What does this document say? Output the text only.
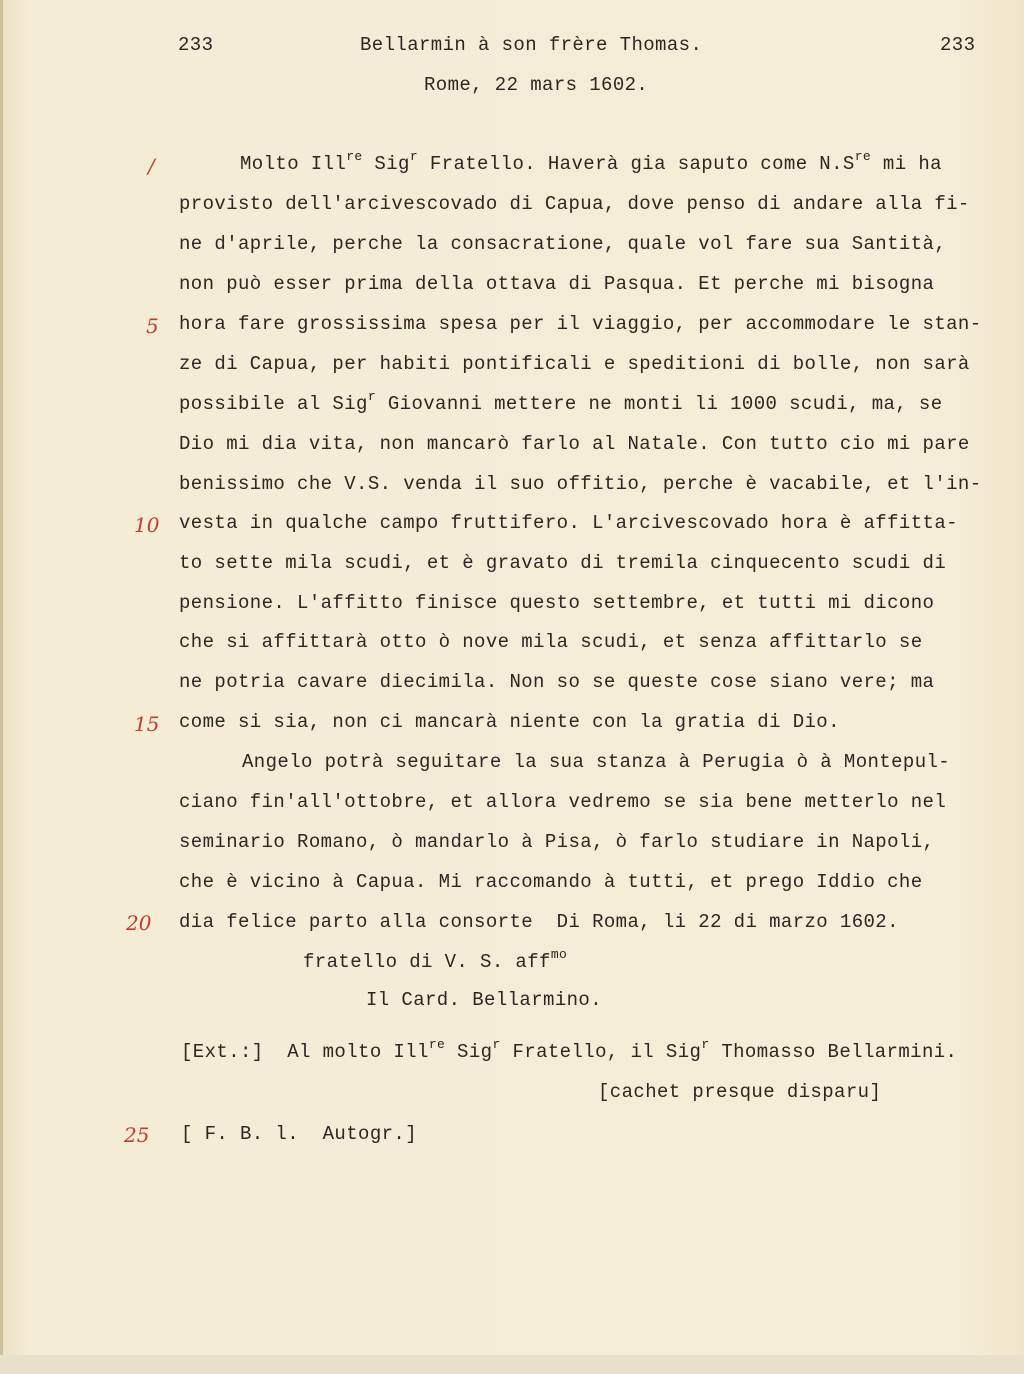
233	Bellarmin à son frère Thomas.	233
Rome, 22 mars 1602.
/
5
10
15
20
25
Molto Ill$^{re}$ Sig$^r$ Fratello. Haverà gia saputo come $N.S^{re}$ mi ha
provisto dell'arcivescovado di Capua, dove penso di andare alla fi-
ne d'aprile, perche la consacratione, quale vol fare sua Santità,
non può esser prima della ottava di Pasqua. Et perche mi bisogna
hora fare grossissima spesa per il viaggio, per accommodare le stan-
ze di Capua, per habiti pontificali e speditioni di bolle, non sarà
possibile al Sig$^r$ Giovanni mettere ne monti li 1000 scudi, ma, se
Dio mi dia vita, non mancarò farlo al Natale. Con tutto cio mi pare
benissimo che V.S. venda il suo offitio, perche è vacabile, et l'in-
vesta in qualche campo fruttifero. L'arcivescovado hora è affitta-
to sette mila scudi, et è gravato di tremila cinquecento scudi di
pensione. L'affitto finisce questo settembre, et tutti mi dicono
che si affittarà otto ò nove mila scudi, et senza affittarlo se
ne potria cavare diecimila. Non so se queste cose siano vere; ma
come si sia, non ci mancarà niente con la gratia di Dio.
Angelo potrà seguitare la sua stanza à Perugia ò à Montepul-
ciano fin'all'ottobre, et allora vedremo se sia bene metterlo nel
seminario Romano, ò mandarlo à Pisa, ò farlo studiare in Napoli,
che è vicino à Capua. Mi raccomando à tutti, et prego Iddio che
dia felice parto alla consorte  Di Roma, li 22 di marzo 1602.
fratello di V. S. aff$^{mo}$
Il Card. Bellarmino.
[Ext.:]  Al molto Ill$^{re}$ Sig$^r$ Fratello, il Sig$^r$ Thomasso Bellarmini.
[cachet presque disparu]
[ F. B. l.  Autogr.]
